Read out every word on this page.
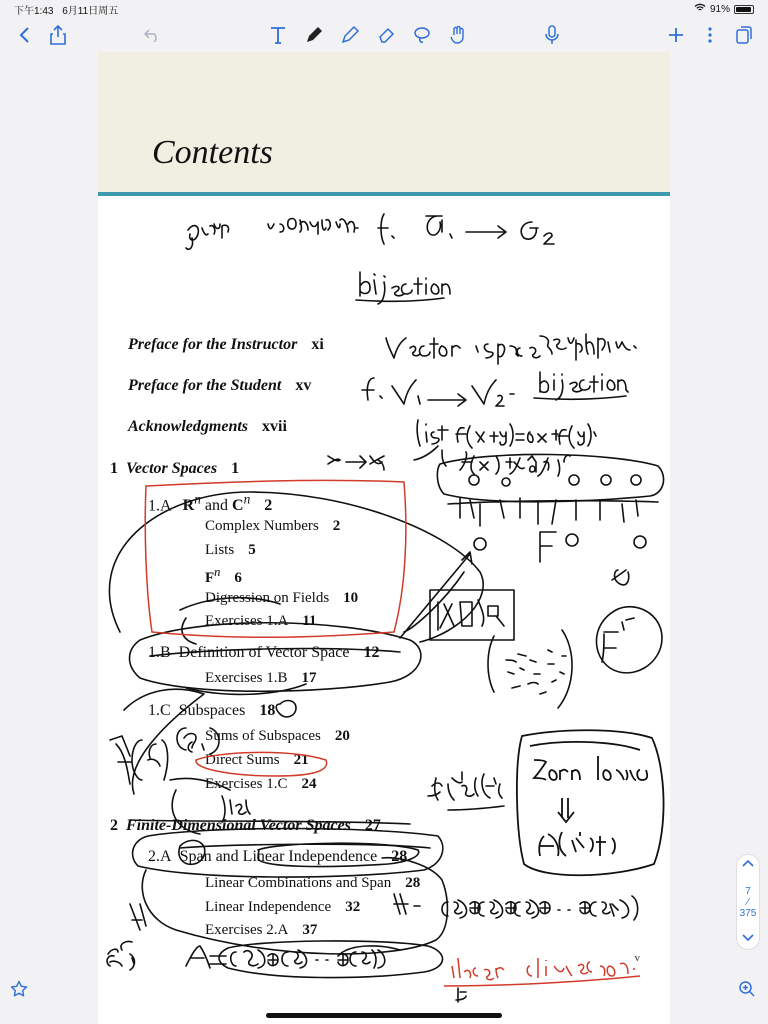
下午1:43 6月11日周五	91%
Contents
Preface for the Instructor xi
Preface for the Student xv
Acknowledgments xvii
1 Vector Spaces 1
1.A $R^n$ and $C^n$ 2
Complex Numbers 2
Lists 5
$F^n$ 6
Digression on Fields 10
Exercises 1.A 11
1.B Definition of Vector Space 12
Exercises 1.B 17
1.C Subspaces 18
Sums of Subspaces 20
Direct Sums 21
Exercises 1.C 24
2 Finite-Dimensional Vector Spaces 27
2.A Span and Linear Independence 28
Linear Combinations and Span 28
Linear Independence 32
Exercises 2.A 37
v
7
⁄
375
